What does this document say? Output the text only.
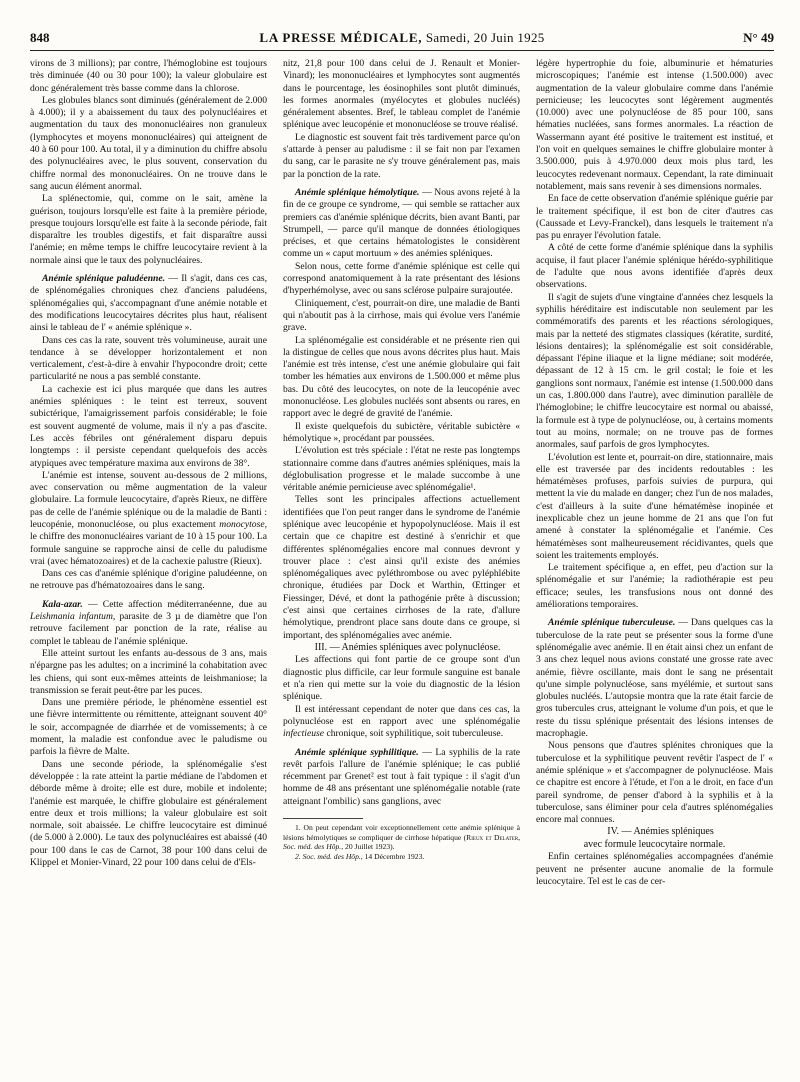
848	LA PRESSE MÉDICALE, Samedi, 20 Juin 1925	N° 49

virons de 3 millions); par contre, l'hémoglobine est toujours très diminuée (40 ou 30 pour 100); la valeur globulaire est donc généralement très basse comme dans la chlorose.

Les globules blancs sont diminués (généralement de 2.000 à 4.000); il y a abaissement du taux des polynucléaires et augmentation du taux des mononucléaires non granuleux (lymphocytes et moyens mononucléaires) qui atteignent de 40 à 60 pour 100. Au total, il y a diminution du chiffre absolu des polynucléaires avec, le plus souvent, conservation du chiffre normal des mononucléaires. On ne trouve dans le sang aucun élément anormal.

La splénectomie, qui, comme on le sait, amène la guérison, toujours lorsqu'elle est faite à la première période, presque toujours lorsqu'elle est faite à la seconde période, fait disparaître les troubles digestifs, et fait disparaître aussi l'anémie; en même temps le chiffre leucocytaire revient à la normale ainsi que le taux des polynucléaires.

Anémie splénique paludéenne. — Il s'agit, dans ces cas, de splénomégalies chroniques chez d'anciens paludéens, splénomégalies qui, s'accompagnant d'une anémie notable et des modifications leucocytaires décrites plus haut, réalisent ainsi le tableau de l' « anémie splénique ».

Dans ces cas la rate, souvent très volumineuse, aurait une tendance à se développer horizontalement et non verticalement, c'est-à-dire à envahir l'hypocondre droit; cette particularité ne nous a pas semblé constante.

La cachexie est ici plus marquée que dans les autres anémies spléniques : le teint est terreux, souvent subictérique, l'amaigrissement parfois considérable; le foie est souvent augmenté de volume, mais il n'y a pas d'ascite. Les accès fébriles ont généralement disparu depuis longtemps : il persiste cependant quelquefois des accès atypiques avec température maxima aux environs de 38°.

L'anémie est intense, souvent au-dessous de 2 millions, avec conservation ou même augmentation de la valeur globulaire. La formule leucocytaire, d'après Rieux, ne diffère pas de celle de l'anémie splénique ou de la maladie de Banti : leucopénie, mononucléose, ou plus exactement monocytose, le chiffre des mononucléaires variant de 10 à 15 pour 100. La formule sanguine se rapproche ainsi de celle du paludisme vrai (avec hématozoaires) et de la cachexie palustre (Rieux).

Dans ces cas d'anémie splénique d'origine paludéenne, on ne retrouve pas d'hématozoaires dans le sang.

Kala-azar. — Cette affection méditerranéenne, due au Leishmania infantum, parasite de 3 µ de diamètre que l'on retrouve facilement par ponction de la rate, réalise au complet le tableau de l'anémie splénique.

Elle atteint surtout les enfants au-dessous de 3 ans, mais n'épargne pas les adultes; on a incriminé la cohabitation avec les chiens, qui sont eux-mêmes atteints de leishmaniose; la transmission se ferait peut-être par les puces.

Dans une première période, le phénomène essentiel est une fièvre intermittente ou rémittente, atteignant souvent 40° le soir, accompagnée de diarrhée et de vomissements; à ce moment, la maladie est confondue avec le paludisme ou parfois la fièvre de Malte.

Dans une seconde période, la splénomégalie s'est développée : la rate atteint la partie médiane de l'abdomen et déborde même à droite; elle est dure, mobile et indolente; l'anémie est marquée, le chiffre globulaire est généralement entre deux et trois millions; la valeur globulaire est soit normale, soit abaissée. Le chiffre leucocytaire est diminué (de 5.000 à 2.000). Le taux des polynucléaires est abaissé (40 pour 100 dans le cas de Carnot, 38 pour 100 dans celui de Klippel et Monier-Vinard, 22 pour 100 dans celui de d'Els-

nitz, 21,8 pour 100 dans celui de J. Renault et Monier-Vinard); les mononucléaires et lymphocytes sont augmentés dans le pourcentage, les éosinophiles sont plutôt diminués, les formes anormales (myélocytes et globules nucléés) généralement absentes. Bref, le tableau complet de l'anémie splénique avec leucopénie et mononucléose se trouve réalisé.

Le diagnostic est souvent fait très tardivement parce qu'on s'attarde à penser au paludisme : il se fait non par l'examen du sang, car le parasite ne s'y trouve généralement pas, mais par la ponction de la rate.

Anémie splénique hémolytique. — Nous avons rejeté à la fin de ce groupe ce syndrome, — qui semble se rattacher aux premiers cas d'anémie splénique décrits, bien avant Banti, par Strumpell, — parce qu'il manque de données étiologiques précises, et que certains hématologistes le considèrent comme un « caput mortuum » des anémies spléniques.

Selon nous, cette forme d'anémie splénique est celle qui correspond anatomiquement à la rate présentant des lésions d'hyperhémolyse, avec ou sans sclérose pulpaire surajoutée.

Cliniquement, c'est, pourrait-on dire, une maladie de Banti qui n'aboutit pas à la cirrhose, mais qui évolue vers l'anémie grave.

La splénomégalie est considérable et ne présente rien qui la distingue de celles que nous avons décrites plus haut. Mais l'anémie est très intense, c'est une anémie globulaire qui fait tomber les hématies aux environs de 1.500.000 et même plus bas. Du côté des leucocytes, on note de la leucopénie avec mononucléose. Les globules nucléés sont absents ou rares, en rapport avec le degré de gravité de l'anémie.

Il existe quelquefois du subictère, véritable subictère « hémolytique », procédant par poussées.

L'évolution est très spéciale : l'état ne reste pas longtemps stationnaire comme dans d'autres anémies spléniques, mais la déglobulisation progresse et le malade succombe à une véritable anémie pernicieuse avec splénomégalie¹.

Telles sont les principales affections actuellement identifiées que l'on peut ranger dans le syndrome de l'anémie splénique avec leucopénie et hypopolynucléose. Mais il est certain que ce chapitre est destiné à s'enrichir et que différentes splénomégalies encore mal connues devront y trouver place : c'est ainsi qu'il existe des anémies splénomégaliques avec pyléthrombose ou avec pyléphlébite chronique, étudiées par Dock et Warthin, Œttinger et Fiessinger, Dévé, et dont la pathogénie prête à discussion; c'est ainsi que certaines cirrhoses de la rate, d'allure hémolytique, prendront place sans doute dans ce groupe, si important, des splénomégalies avec anémie.

III. — Anémies spléniques avec polynucléose.

Les affections qui font partie de ce groupe sont d'un diagnostic plus difficile, car leur formule sanguine est banale et n'a rien qui mette sur la voie du diagnostic de la lésion splénique.

Il est intéressant cependant de noter que dans ces cas, la polynucléose est en rapport avec une splénomégalie infectieuse chronique, soit syphilitique, soit tuberculeuse.

Anémie splénique syphilitique. — La syphilis de la rate revêt parfois l'allure de l'anémie splénique; le cas publié récemment par Grenet² est tout à fait typique : il s'agit d'un homme de 48 ans présentant une splénomégalie notable (rate atteignant l'ombilic) sans ganglions, avec

1. On peut cependant voir exceptionnellement cette anémie splénique à lésions hémolytiques se compliquer de cirrhose hépatique (Rieux et Delater, Soc. méd. des Hôp., 20 Juillet 1923).

2. Soc. méd. des Hôp., 14 Décembre 1923.

légère hypertrophie du foie, albuminurie et hématuries microscopiques; l'anémie est intense (1.500.000) avec augmentation de la valeur globulaire comme dans l'anémie pernicieuse; les leucocytes sont légèrement augmentés (10.000) avec une polynucléose de 85 pour 100, sans hématies nucléées, sans formes anormales. La réaction de Wassermann ayant été positive le traitement est institué, et l'on voit en quelques semaines le chiffre globulaire monter à 3.500.000, puis à 4.970.000 deux mois plus tard, les leucocytes redevenant normaux. Cependant, la rate diminuait notablement, mais sans revenir à ses dimensions normales.

En face de cette observation d'anémie splénique guérie par le traitement spécifique, il est bon de citer d'autres cas (Caussade et Levy-Franckel), dans lesquels le traitement n'a pas pu enrayer l'évolution fatale.

A côté de cette forme d'anémie splénique dans la syphilis acquise, il faut placer l'anémie splénique hérédo-syphilitique de l'adulte que nous avons identifiée d'après deux observations.

Il s'agit de sujets d'une vingtaine d'années chez lesquels la syphilis héréditaire est indiscutable non seulement par les commémoratifs des parents et les réactions sérologiques, mais par la netteté des stigmates classiques (kératite, surdité, lésions dentaires); la splénomégalie est soit considérable, dépassant l'épine iliaque et la ligne médiane; soit modérée, dépassant de 12 à 15 cm. le gril costal; le foie et les ganglions sont normaux, l'anémie est intense (1.500.000 dans un cas, 1.800.000 dans l'autre), avec diminution parallèle de l'hémoglobine; le chiffre leucocytaire est normal ou abaissé, la formule est à type de polynucléose, ou, à certains moments tout au moins, normale; on ne trouve pas de formes anormales, sauf parfois de gros lymphocytes.

L'évolution est lente et, pourrait-on dire, stationnaire, mais elle est traversée par des incidents redoutables : les hématémèses profuses, parfois suivies de purpura, qui mettent la vie du malade en danger; chez l'un de nos malades, c'est d'ailleurs à la suite d'une hématémèse inopinée et inexplicable chez un jeune homme de 21 ans que l'on fut amené à constater la splénomégalie et l'anémie. Ces hématémèses sont malheureusement récidivantes, quels que soient les traitements employés.

Le traitement spécifique a, en effet, peu d'action sur la splénomégalie et sur l'anémie; la radiothérapie est peu efficace; seules, les transfusions nous ont donné des améliorations temporaires.

Anémie splénique tuberculeuse. — Dans quelques cas la tuberculose de la rate peut se présenter sous la forme d'une splénomégalie avec anémie. Il en était ainsi chez un enfant de 3 ans chez lequel nous avions constaté une grosse rate avec anémie, fièvre oscillante, mais dont le sang ne présentait qu'une simple polynucléose, sans myélémie, et surtout sans globules nucléés. L'autopsie montra que la rate était farcie de gros tubercules crus, atteignant le volume d'un pois, et que le reste du tissu splénique présentait des lésions intenses de macrophagie.

Nous pensons que d'autres splénites chroniques que la tuberculose et la syphilitique peuvent revêtir l'aspect de l' « anémie splénique » et s'accompagner de polynucléose. Mais ce chapitre est encore à l'étude, et l'on a le droit, en face d'un pareil syndrome, de penser d'abord à la syphilis et à la tuberculose, sans éliminer pour cela d'autres splénomégalies encore mal connues.

IV. — Anémies spléniques
avec formule leucocytaire normale.

Enfin certaines splénomégalies accompagnées d'anémie peuvent ne présenter aucune anomalie de la formule leucocytaire. Tel est le cas de cer-
